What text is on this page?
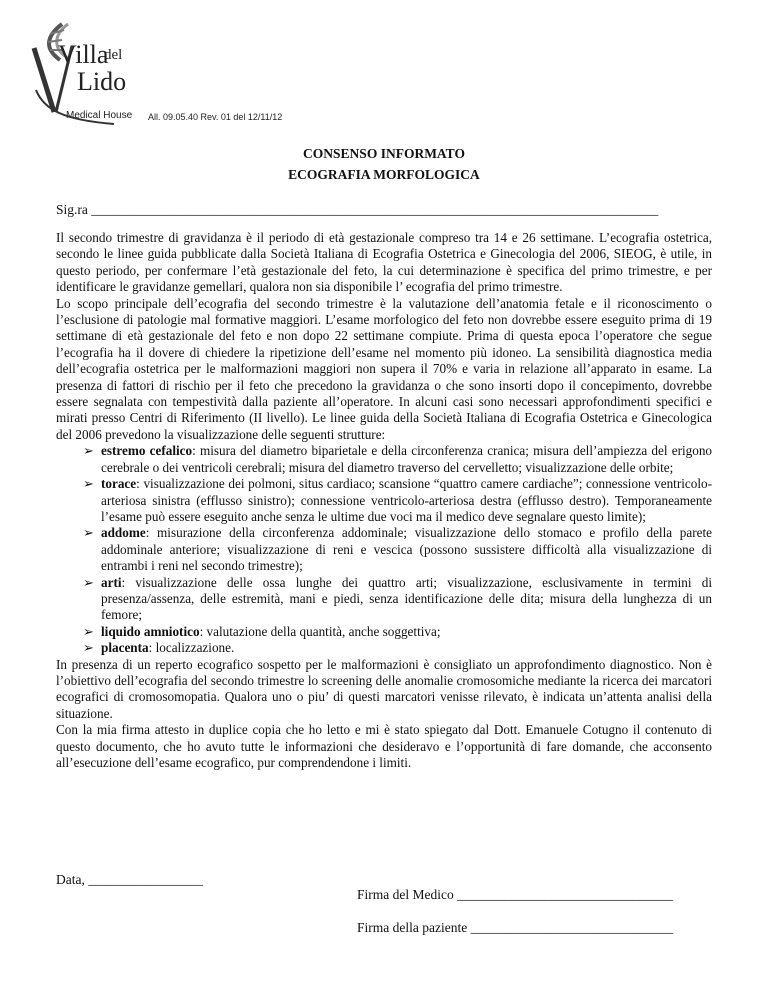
Villa
del
Lido
Medical House All. 09.05.40 Rev. 01 del 12/11/12
CONSENSO INFORMATO
ECOGRAFIA MORFOLOGICA
Sig.ra ____________________________________________________________________________________

Il secondo trimestre di gravidanza è il periodo di età gestazionale compreso tra 14 e 26 settimane. L’ecografia ostetrica, secondo le linee guida pubblicate dalla Società Italiana di Ecografia Ostetrica e Ginecologia del 2006, SIEOG, è utile, in questo periodo, per confermare l’età gestazionale del feto, la cui determinazione è specifica del primo trimestre, e per identificare le gravidanze gemellari, qualora non sia disponibile l’ ecografia del primo trimestre.

Lo scopo principale dell’ecografia del secondo trimestre è la valutazione dell’anatomia fetale e il riconoscimento o l’esclusione di patologie mal formative maggiori. L’esame morfologico del feto non dovrebbe essere eseguito prima di 19 settimane di età gestazionale del feto e non dopo 22 settimane compiute. Prima di questa epoca l’operatore che segue l’ecografia ha il dovere di chiedere la ripetizione dell’esame nel momento più idoneo. La sensibilità diagnostica media dell’ecografia ostetrica per le malformazioni maggiori non supera il 70% e varia in relazione all’apparato in esame. La presenza di fattori di rischio per il feto che precedono la gravidanza o che sono insorti dopo il concepimento, dovrebbe essere segnalata con tempestività dalla paziente all’operatore. In alcuni casi sono necessari approfondimenti specifici e mirati presso Centri di Riferimento (II livello). Le linee guida della Società Italiana di Ecografia Ostetrica e Ginecologica del 2006 prevedono la visualizzazione delle seguenti strutture:

➢ estremo cefalico: misura del diametro biparietale e della circonferenza cranica; misura dell’ampiezza del erigono cerebrale o dei ventricoli cerebrali; misura del diametro traverso del cervelletto; visualizzazione delle orbite;
➢ torace: visualizzazione dei polmoni, situs cardiaco; scansione “quattro camere cardiache”; connessione ventricolo-arteriosa sinistra (efflusso sinistro); connessione ventricolo-arteriosa destra (efflusso destro). Temporaneamente l’esame può essere eseguito anche senza le ultime due voci ma il medico deve segnalare questo limite);
➢ addome: misurazione della circonferenza addominale; visualizzazione dello stomaco e profilo della parete addominale anteriore; visualizzazione di reni e vescica (possono sussistere difficoltà alla visualizzazione di entrambi i reni nel secondo trimestre);
➢ arti: visualizzazione delle ossa lunghe dei quattro arti; visualizzazione, esclusivamente in termini di presenza/assenza, delle estremità, mani e piedi, senza identificazione delle dita; misura della lunghezza di un femore;
➢ liquido amniotico: valutazione della quantità, anche soggettiva;
➢ placenta: localizzazione.

In presenza di un reperto ecografico sospetto per le malformazioni è consigliato un approfondimento diagnostico. Non è l’obiettivo dell’ecografia del secondo trimestre lo screening delle anomalie cromosomiche mediante la ricerca dei marcatori ecografici di cromosomopatia. Qualora uno o piu’ di questi marcatori venisse rilevato, è indicata un’attenta analisi della situazione.

Con la mia firma attesto in duplice copia che ho letto e mi è stato spiegato dal Dott. Emanuele Cotugno il contenuto di questo documento, che ho avuto tutte le informazioni che desideravo e l’opportunità di fare domande, che acconsento all’esecuzione dell’esame ecografico, pur comprendendone i limiti.

Data, _________________
Firma del Medico ________________________________
Firma della paziente ______________________________
